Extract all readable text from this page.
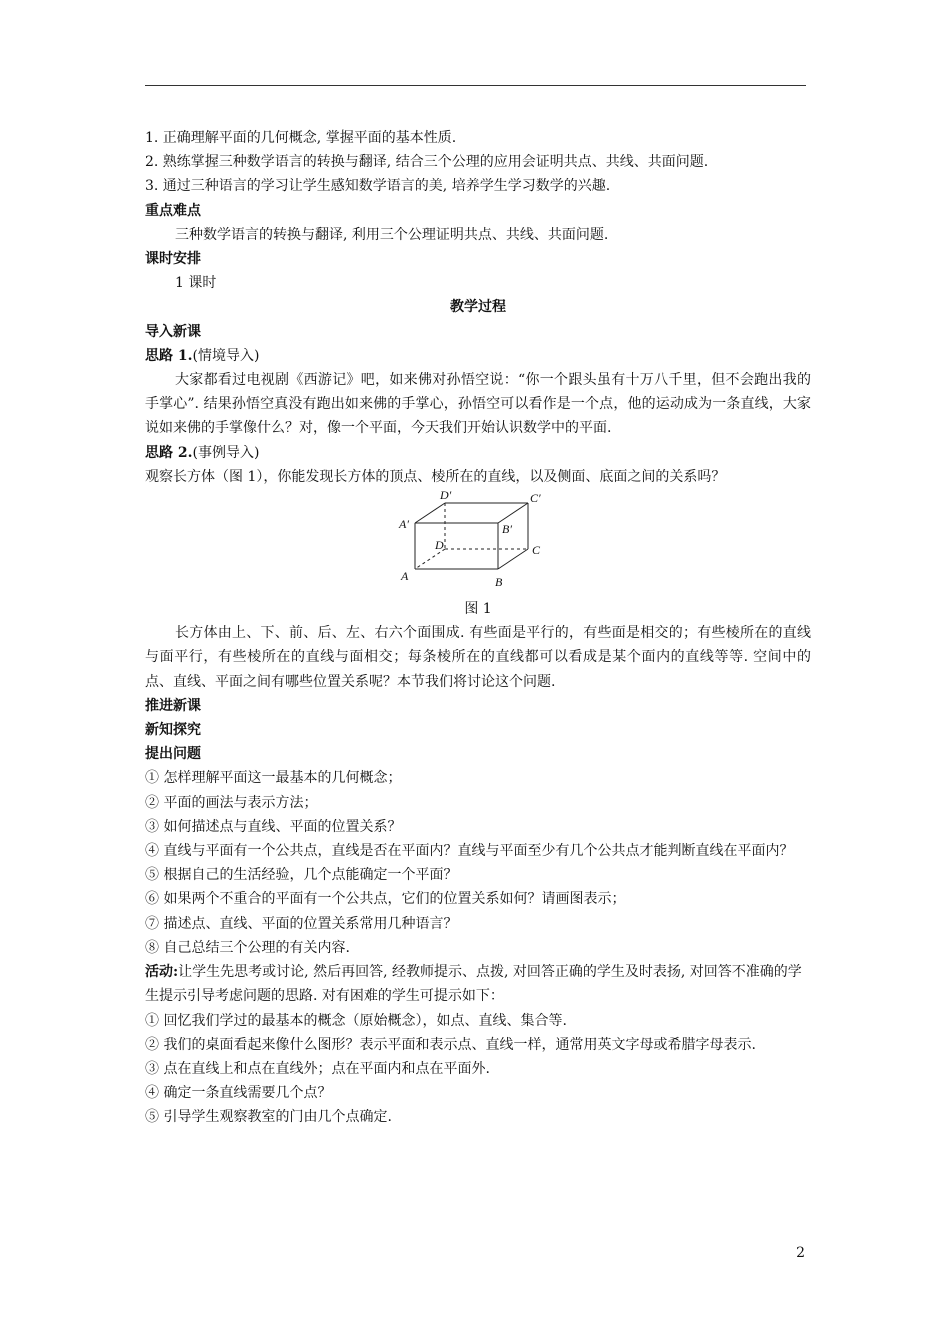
1. 正确理解平面的几何概念, 掌握平面的基本性质.
2. 熟练掌握三种数学语言的转换与翻译, 结合三个公理的应用会证明共点、共线、共面问题.
3. 通过三种语言的学习让学生感知数学语言的美, 培养学生学习数学的兴趣.
重点难点
三种数学语言的转换与翻译, 利用三个公理证明共点、共线、共面问题.
课时安排
1 课时
教学过程
导入新课
思路 1.(情境导入)
大家都看过电视剧《西游记》吧，如来佛对孙悟空说：“你一个跟头虽有十万八千里，但不会跑出我的手掌心”. 结果孙悟空真没有跑出如来佛的手掌心，孙悟空可以看作是一个点，他的运动成为一条直线，大家说如来佛的手掌像什么？对，像一个平面，今天我们开始认识数学中的平面.
思路 2.(事例导入)
观察长方体（图 1），你能发现长方体的顶点、棱所在的直线，以及侧面、底面之间的关系吗？
A	B
C
D
A′	B′
C′
D′
图 1
长方体由上、下、前、后、左、右六个面围成. 有些面是平行的，有些面是相交的；有些棱所在的直线与面平行，有些棱所在的直线与面相交；每条棱所在的直线都可以看成是某个面内的直线等等. 空间中的点、直线、平面之间有哪些位置关系呢？本节我们将讨论这个问题.
推进新课
新知探究
提出问题
① 怎样理解平面这一最基本的几何概念；
② 平面的画法与表示方法；
③ 如何描述点与直线、平面的位置关系？
④ 直线与平面有一个公共点，直线是否在平面内？直线与平面至少有几个公共点才能判断直线在平面内？
⑤ 根据自己的生活经验，几个点能确定一个平面？
⑥ 如果两个不重合的平面有一个公共点，它们的位置关系如何？请画图表示；
⑦ 描述点、直线、平面的位置关系常用几种语言？
⑧ 自己总结三个公理的有关内容.
活动:让学生先思考或讨论, 然后再回答, 经教师提示、点拨, 对回答正确的学生及时表扬, 对回答不准确的学生提示引导考虑问题的思路. 对有困难的学生可提示如下：
① 回忆我们学过的最基本的概念（原始概念），如点、直线、集合等.
② 我们的桌面看起来像什么图形？表示平面和表示点、直线一样，通常用英文字母或希腊字母表示.
③ 点在直线上和点在直线外；点在平面内和点在平面外.
④ 确定一条直线需要几个点？
⑤ 引导学生观察教室的门由几个点确定.
2
